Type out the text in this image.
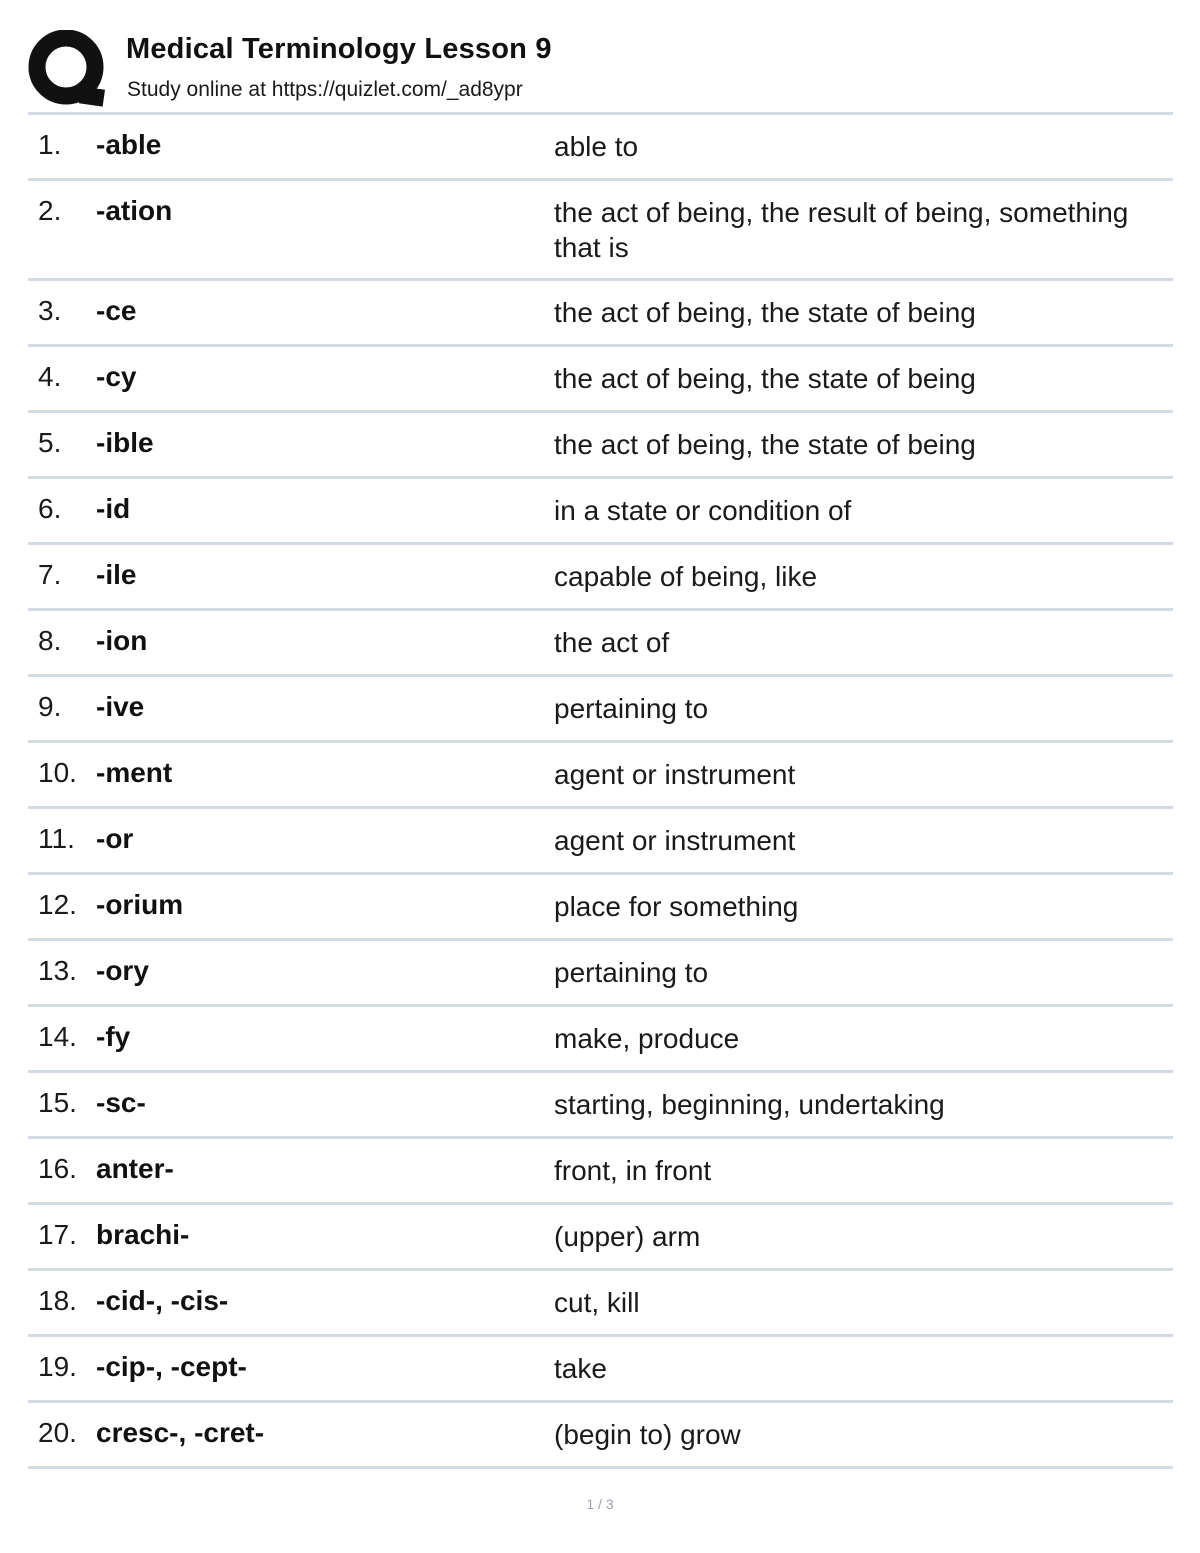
Medical Terminology Lesson 9
Study online at https://quizlet.com/_ad8ypr
1. -able	able to
2. -ation	the act of being, the result of being, something that is
3. -ce	the act of being, the state of being
4. -cy	the act of being, the state of being
5. -ible	the act of being, the state of being
6. -id	in a state or condition of
7. -ile	capable of being, like
8. -ion	the act of
9. -ive	pertaining to
10. -ment	agent or instrument
11. -or	agent or instrument
12. -orium	place for something
13. -ory	pertaining to
14. -fy	make, produce
15. -sc-	starting, beginning, undertaking
16. anter-	front, in front
17. brachi-	(upper) arm
18. -cid-, -cis-	cut, kill
19. -cip-, -cept-	take
20. cresc-, -cret-	(begin to) grow
1 / 3
